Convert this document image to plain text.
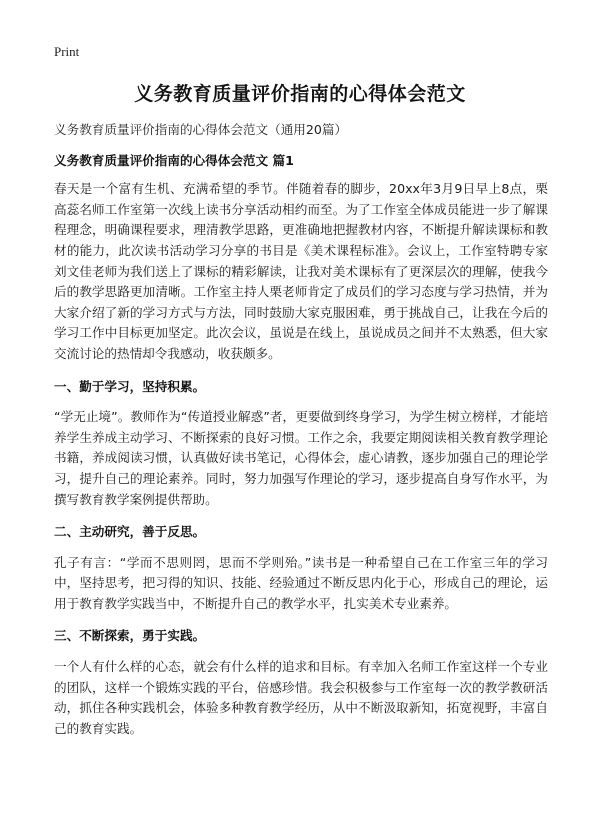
Print
义务教育质量评价指南的心得体会范文
义务教育质量评价指南的心得体会范文（通用20篇）
义务教育质量评价指南的心得体会范文 篇1
春天是一个富有生机、充满希望的季节。伴随着春的脚步，20xx年3月9日早上8点，栗高蕊名师工作室第一次线上读书分享活动相约而至。为了工作室全体成员能进一步了解课程理念，明确课程要求，理清教学思路，更准确地把握教材内容，不断提升解读课标和教材的能力，此次读书活动学习分享的书目是《美术课程标准》。会议上，工作室特聘专家刘文佳老师为我们送上了课标的精彩解读，让我对美术课标有了更深层次的理解，使我今后的教学思路更加清晰。工作室主持人栗老师肯定了成员们的学习态度与学习热情，并为大家介绍了新的学习方式与方法，同时鼓励大家克服困难，勇于挑战自己，让我在今后的学习工作中目标更加坚定。此次会议，虽说是在线上，虽说成员之间并不太熟悉，但大家交流讨论的热情却令我感动，收获颇多。
一、勤于学习，坚持积累。
“学无止境”。教师作为“传道授业解惑”者，更要做到终身学习，为学生树立榜样，才能培养学生养成主动学习、不断探索的良好习惯。工作之余，我要定期阅读相关教育教学理论书籍，养成阅读习惯，认真做好读书笔记，心得体会，虚心请教，逐步加强自己的理论学习，提升自己的理论素养。同时，努力加强写作理论的学习，逐步提高自身写作水平，为撰写教育教学案例提供帮助。
二、主动研究，善于反思。
孔子有言：“学而不思则罔，思而不学则殆。”读书是一种希望自己在工作室三年的学习中，坚持思考，把习得的知识、技能、经验通过不断反思内化于心，形成自己的理论，运用于教育教学实践当中，不断提升自己的教学水平，扎实美术专业素养。
三、不断探索，勇于实践。
一个人有什么样的心态，就会有什么样的追求和目标。有幸加入名师工作室这样一个专业的团队，这样一个锻炼实践的平台，倍感珍惜。我会积极参与工作室每一次的教学教研活动，抓住各种实践机会，体验多种教育教学经历，从中不断汲取新知，拓宽视野，丰富自己的教育实践。
